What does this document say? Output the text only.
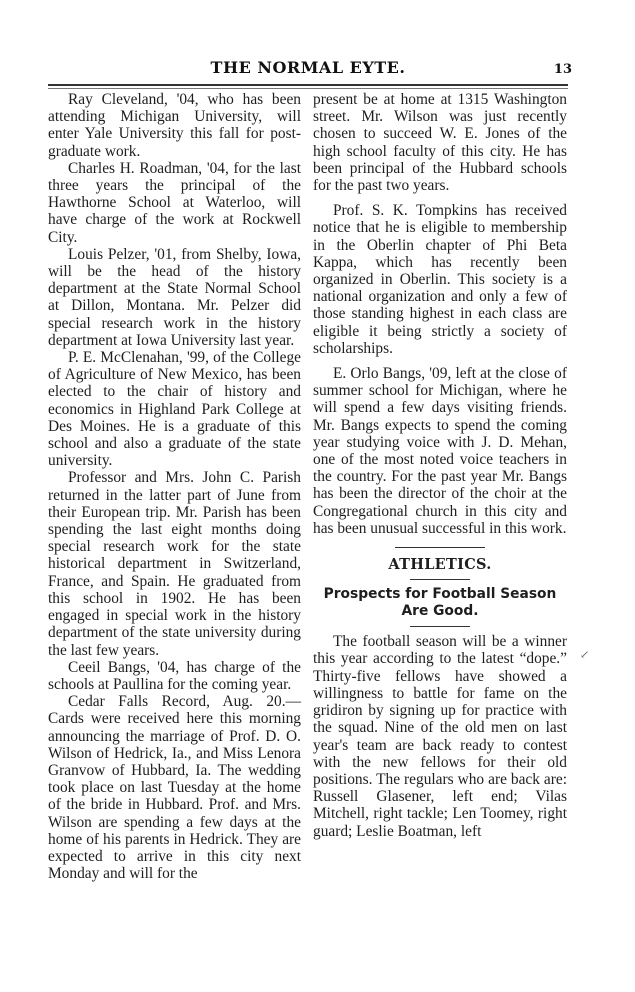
THE NORMAL EYTE.	13

Ray Cleveland, '04, who has been attending Michigan University, will enter Yale University this fall for post-graduate work.

Charles H. Roadman, '04, for the last three years the principal of the Hawthorne School at Waterloo, will have charge of the work at Rockwell City.

Louis Pelzer, '01, from Shelby, Iowa, will be the head of the history department at the State Normal School at Dillon, Montana. Mr. Pelzer did special research work in the history department at Iowa University last year.

P. E. McClenahan, '99, of the College of Agriculture of New Mexico, has been elected to the chair of history and economics in Highland Park College at Des Moines. He is a graduate of this school and also a graduate of the state university.

Professor and Mrs. John C. Parish returned in the latter part of June from their European trip. Mr. Parish has been spending the last eight months doing special research work for the state historical department in Switzerland, France, and Spain. He graduated from this school in 1902. He has been engaged in special work in the history department of the state university during the last few years.

Ceeil Bangs, '04, has charge of the schools at Paullina for the coming year.

Cedar Falls Record, Aug. 20.— Cards were received here this morning announcing the marriage of Prof. D. O. Wilson of Hedrick, Ia., and Miss Lenora Granvow of Hubbard, Ia. The wedding took place on last Tuesday at the home of the bride in Hubbard. Prof. and Mrs. Wilson are spending a few days at the home of his parents in Hedrick. They are expected to arrive in this city next Monday and will for the

present be at home at 1315 Washington street. Mr. Wilson was just recently chosen to succeed W. E. Jones of the high school faculty of this city. He has been principal of the Hubbard schools for the past two years.

Prof. S. K. Tompkins has received notice that he is eligible to membership in the Oberlin chapter of Phi Beta Kappa, which has recently been organized in Oberlin. This society is a national organization and only a few of those standing highest in each class are eligible it being strictly a society of scholarships.

E. Orlo Bangs, '09, left at the close of summer school for Michigan, where he will spend a few days visiting friends. Mr. Bangs expects to spend the coming year studying voice with J. D. Mehan, one of the most noted voice teachers in the country. For the past year Mr. Bangs has been the director of the choir at the Congregational church in this city and has been unusual successful in this work.

ATHLETICS.

Prospects for Football Season Are Good.

The football season will be a winner this year according to the latest “dope.” Thirty-five fellows have showed a willingness to battle for fame on the gridiron by signing up for practice with the squad. Nine of the old men on last year's team are back ready to contest with the new fellows for their old positions. The regulars who are back are: Russell Glasener, left end; Vilas Mitchell, right tackle; Len Toomey, right guard; Leslie Boatman, left

↙
